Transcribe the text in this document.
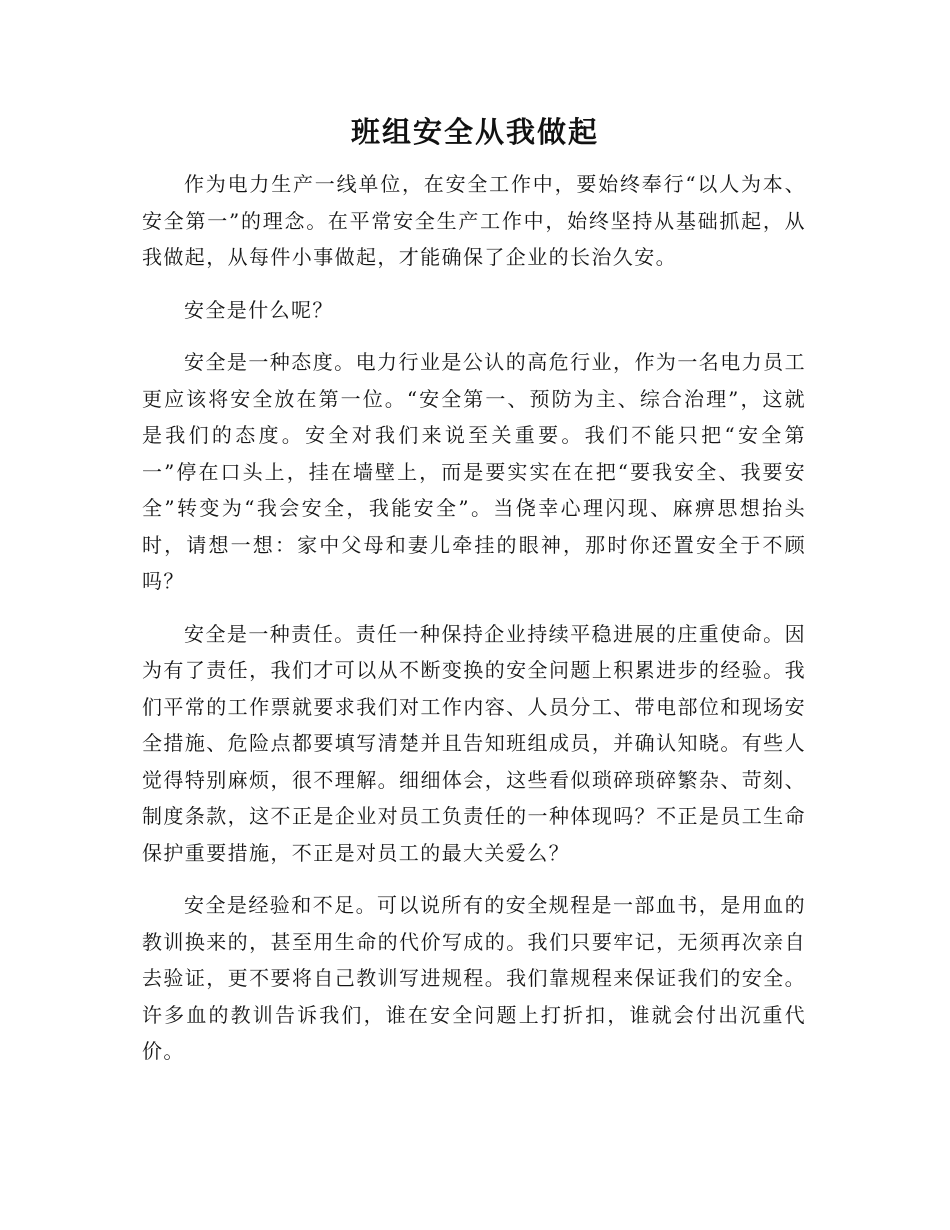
班组安全从我做起

作为电力生产一线单位，在安全工作中，要始终奉行“以人为本、安全第一”的理念。在平常安全生产工作中，始终坚持从基础抓起，从我做起，从每件小事做起，才能确保了企业的长治久安。

安全是什么呢？

安全是一种态度。电力行业是公认的高危行业，作为一名电力员工更应该将安全放在第一位。“安全第一、预防为主、综合治理”，这就是我们的态度。安全对我们来说至关重要。我们不能只把“安全第一”停在口头上，挂在墙壁上，而是要实实在在把“要我安全、我要安全”转变为“我会安全，我能安全”。当侥幸心理闪现、麻痹思想抬头时，请想一想：家中父母和妻儿牵挂的眼神，那时你还置安全于不顾吗？

安全是一种责任。责任一种保持企业持续平稳进展的庄重使命。因为有了责任，我们才可以从不断变换的安全问题上积累进步的经验。我们平常的工作票就要求我们对工作内容、人员分工、带电部位和现场安全措施、危险点都要填写清楚并且告知班组成员，并确认知晓。有些人觉得特别麻烦，很不理解。细细体会，这些看似琐碎琐碎繁杂、苛刻、制度条款，这不正是企业对员工负责任的一种体现吗？不正是员工生命保护重要措施，不正是对员工的最大关爱么？

安全是经验和不足。可以说所有的安全规程是一部血书，是用血的教训换来的，甚至用生命的代价写成的。我们只要牢记，无须再次亲自去验证，更不要将自己教训写进规程。我们靠规程来保证我们的安全。许多血的教训告诉我们，谁在安全问题上打折扣，谁就会付出沉重代价。
